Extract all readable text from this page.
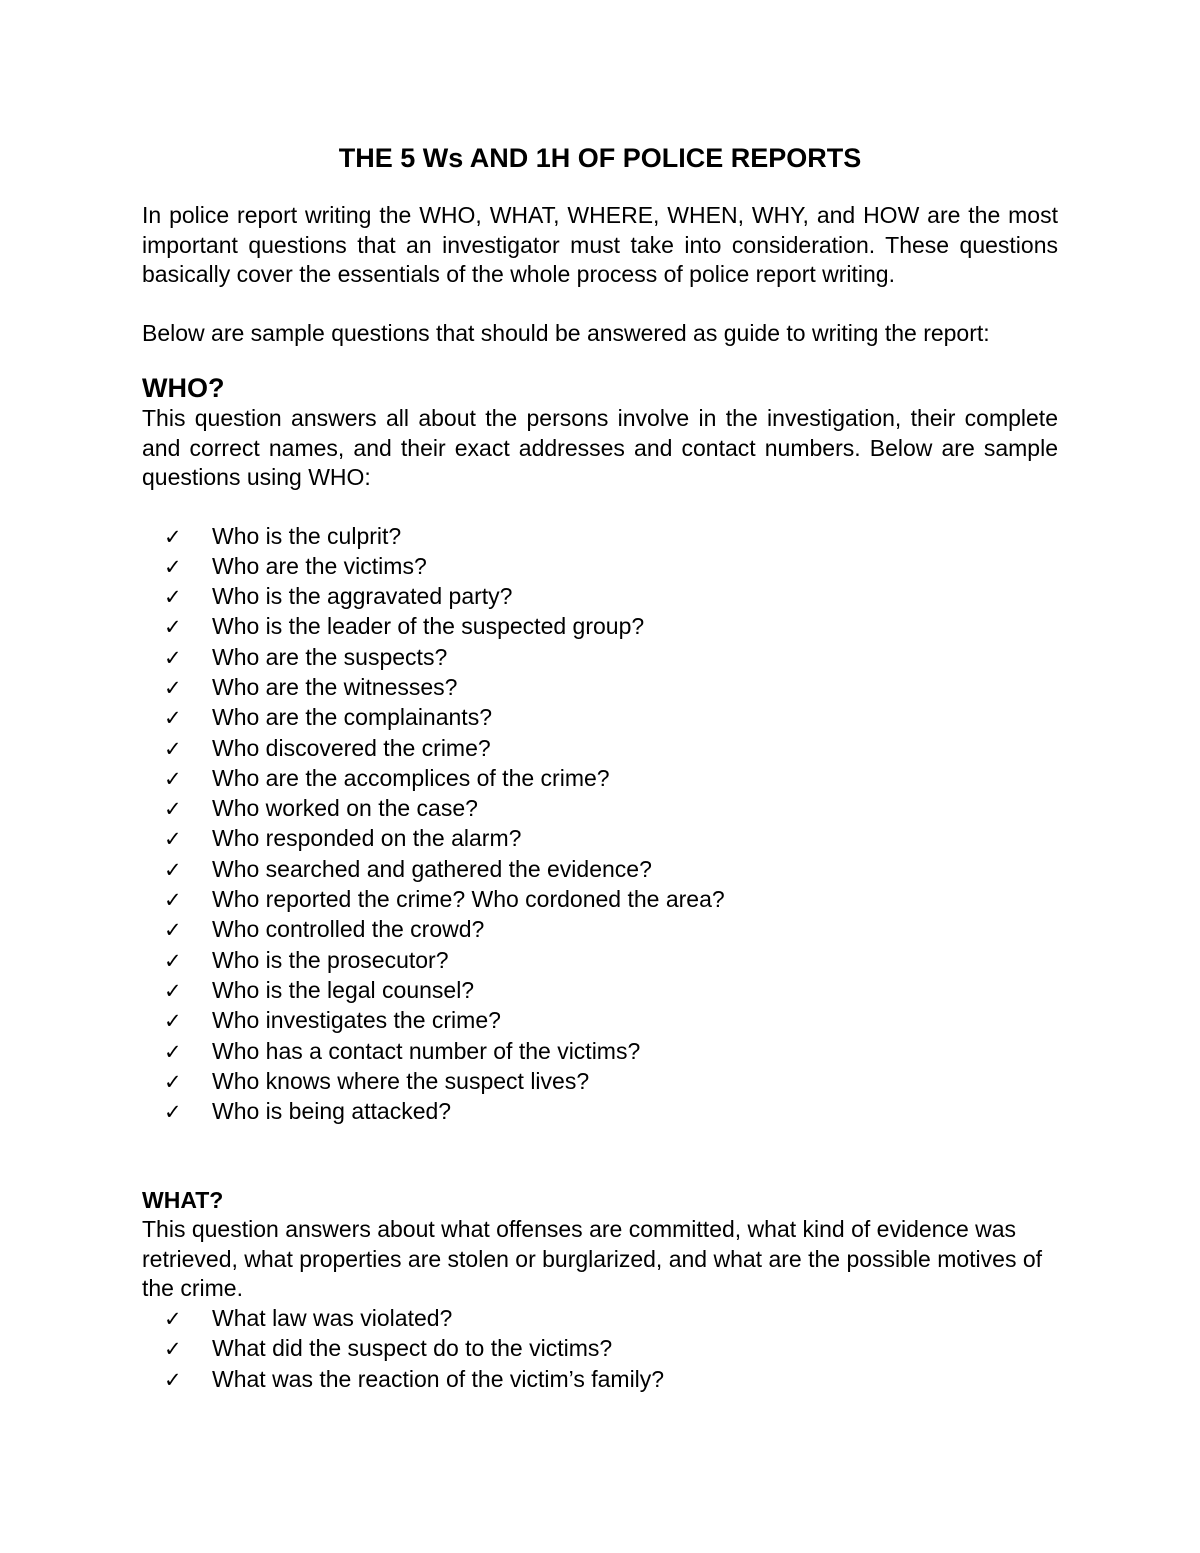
THE 5 Ws AND 1H OF POLICE REPORTS

In police report writing the WHO, WHAT, WHERE, WHEN, WHY, and HOW are the most important questions that an investigator must take into consideration. These questions basically cover the essentials of the whole process of police report writing.

Below are sample questions that should be answered as guide to writing the report:

WHO?

This question answers all about the persons involve in the investigation, their complete and correct names, and their exact addresses and contact numbers. Below are sample questions using WHO:

✓	Who is the culprit?
✓	Who are the victims?
✓	Who is the aggravated party?
✓	Who is the leader of the suspected group?
✓	Who are the suspects?
✓	Who are the witnesses?
✓	Who are the complainants?
✓	Who discovered the crime?
✓	Who are the accomplices of the crime?
✓	Who worked on the case?
✓	Who responded on the alarm?
✓	Who searched and gathered the evidence?
✓	Who reported the crime? Who cordoned the area?
✓	Who controlled the crowd?
✓	Who is the prosecutor?
✓	Who is the legal counsel?
✓	Who investigates the crime?
✓	Who has a contact number of the victims?
✓	Who knows where the suspect lives?
✓	Who is being attacked?
WHAT?

This question answers about what offenses are committed, what kind of evidence was retrieved, what properties are stolen or burglarized, and what are the possible motives of the crime.

✓	What law was violated?
✓	What did the suspect do to the victims?
✓	What was the reaction of the victim’s family?
